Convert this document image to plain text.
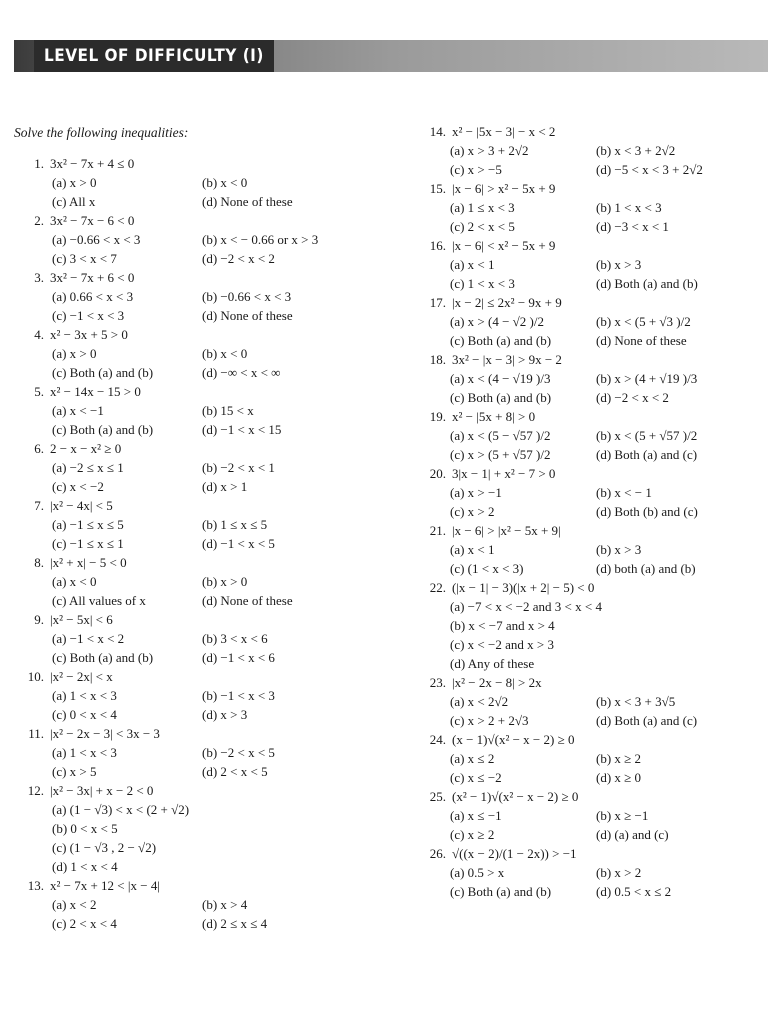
LEVEL OF DIFFICULTY (I)
Solve the following inequalities:
1. 3x² − 7x + 4 ≤ 0
(a) x > 0	(b) x < 0
(c) All x	(d) None of these
2. 3x² − 7x − 6 < 0
(a) −0.66 < x < 3	(b) x < − 0.66 or x > 3
(c) 3 < x < 7	(d) −2 < x < 2
3. 3x² − 7x + 6 < 0
(a) 0.66 < x < 3	(b) −0.66 < x < 3
(c) −1 < x < 3	(d) None of these
4. x² − 3x + 5 > 0
(a) x > 0	(b) x < 0
(c) Both (a) and (b)	(d) −∞ < x < ∞
5. x² − 14x − 15 > 0
(a) x < −1	(b) 15 < x
(c) Both (a) and (b)	(d) −1 < x < 15
6. 2 − x − x² ≥ 0
(a) −2 ≤ x ≤ 1	(b) −2 < x < 1
(c) x < −2	(d) x > 1
7. |x² − 4x| < 5
(a) −1 ≤ x ≤ 5	(b) 1 ≤ x ≤ 5
(c) −1 ≤ x ≤ 1	(d) −1 < x < 5
8. |x² + x| − 5 < 0
(a) x < 0	(b) x > 0
(c) All values of x	(d) None of these
9. |x² − 5x| < 6
(a) −1 < x < 2	(b) 3 < x < 6
(c) Both (a) and (b)	(d) −1 < x < 6
10. |x² − 2x| < x
(a) 1 < x < 3	(b) −1 < x < 3
(c) 0 < x < 4	(d) x > 3
11. |x² − 2x − 3| < 3x − 3
(a) 1 < x < 3	(b) −2 < x < 5
(c) x > 5	(d) 2 < x < 5
12. |x² − 3x| + x − 2 < 0
(a) (1 − √3) < x < (2 + √2)
(b) 0 < x < 5
(c) (1 − √3 , 2 − √2)
(d) 1 < x < 4
13. x² − 7x + 12 < |x − 4|
(a) x < 2	(b) x > 4
(c) 2 < x < 4	(d) 2 ≤ x ≤ 4
14. x² − |5x − 3| − x < 2
(a) x > 3 + 2√2	(b) x < 3 + 2√2
(c) x > −5	(d) −5 < x < 3 + 2√2
15. |x − 6| > x² − 5x + 9
(a) 1 ≤ x < 3	(b) 1 < x < 3
(c) 2 < x < 5	(d) −3 < x < 1
16. |x − 6| < x² − 5x + 9
(a) x < 1	(b) x > 3
(c) 1 < x < 3	(d) Both (a) and (b)
17. |x − 2| ≤ 2x² − 9x + 9
(a) x > (4 − √2 )/2	(b) x < (5 + √3 )/2
(c) Both (a) and (b)	(d) None of these
18. 3x² − |x − 3| > 9x − 2
(a) x < (4 − √19 )/3	(b) x > (4 + √19 )/3
(c) Both (a) and (b)	(d) −2 < x < 2
19. x² − |5x + 8| > 0
(a) x < (5 − √57 )/2	(b) x < (5 + √57 )/2
(c) x > (5 + √57 )/2	(d) Both (a) and (c)
20. 3|x − 1| + x² − 7 > 0
(a) x > −1	(b) x < − 1
(c) x > 2	(d) Both (b) and (c)
21. |x − 6| > |x² − 5x + 9|
(a) x < 1	(b) x > 3
(c) (1 < x < 3)	(d) both (a) and (b)
22. (|x − 1| − 3)(|x + 2| − 5) < 0
(a) −7 < x < −2 and 3 < x < 4
(b) x < −7 and x > 4
(c) x < −2 and x > 3
(d) Any of these
23. |x² − 2x − 8| > 2x
(a) x < 2√2	(b) x < 3 + 3√5
(c) x > 2 + 2√3	(d) Both (a) and (c)
24. (x − 1)√(x² − x − 2) ≥ 0
(a) x ≤ 2	(b) x ≥ 2
(c) x ≤ −2	(d) x ≥ 0
25. (x² − 1)√(x² − x − 2) ≥ 0
(a) x ≤ −1	(b) x ≥ −1
(c) x ≥ 2	(d) (a) and (c)
26. √((x − 2)/(1 − 2x)) > −1
(a) 0.5 > x	(b) x > 2
(c) Both (a) and (b)	(d) 0.5 < x ≤ 2
